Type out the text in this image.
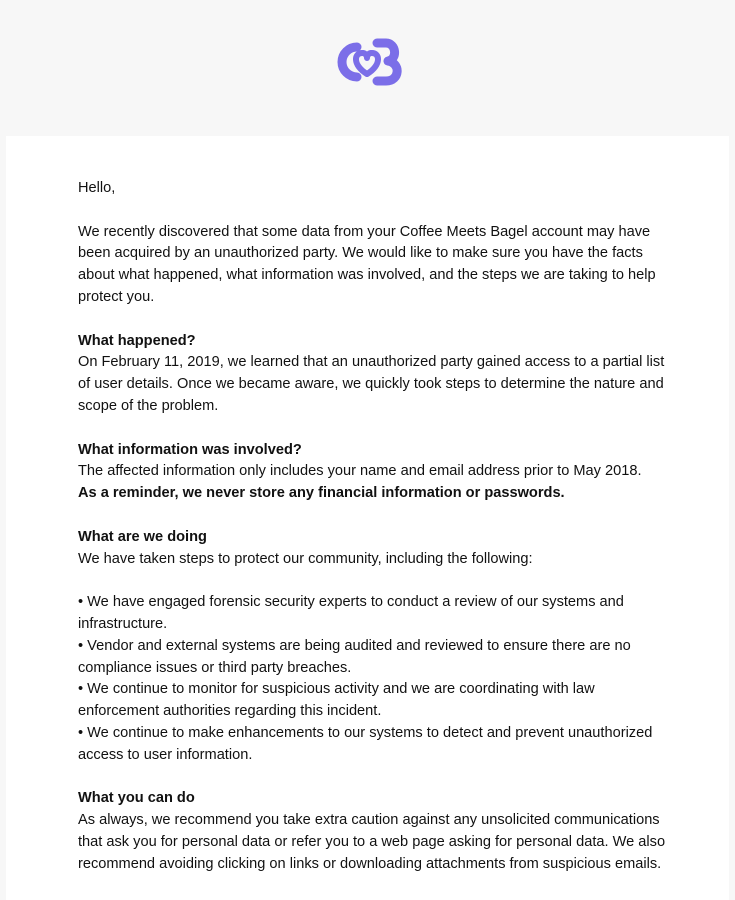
Hello,

We recently discovered that some data from your Coffee Meets Bagel account may have been acquired by an unauthorized party. We would like to make sure you have the facts about what happened, what information was involved, and the steps we are taking to help protect you.

What happened?
On February 11, 2019, we learned that an unauthorized party gained access to a partial list of user details. Once we became aware, we quickly took steps to determine the nature and scope of the problem.
What information was involved?
The affected information only includes your name and email address prior to May 2018.
As a reminder, we never store any financial information or passwords.
What are we doing
We have taken steps to protect our community, including the following:
• We have engaged forensic security experts to conduct a review of our systems and infrastructure.
• Vendor and external systems are being audited and reviewed to ensure there are no compliance issues or third party breaches.
• We continue to monitor for suspicious activity and we are coordinating with law enforcement authorities regarding this incident.
• We continue to make enhancements to our systems to detect and prevent unauthorized access to user information.
What you can do
As always, we recommend you take extra caution against any unsolicited communications that ask you for personal data or refer you to a web page asking for personal data. We also recommend avoiding clicking on links or downloading attachments from suspicious emails.
